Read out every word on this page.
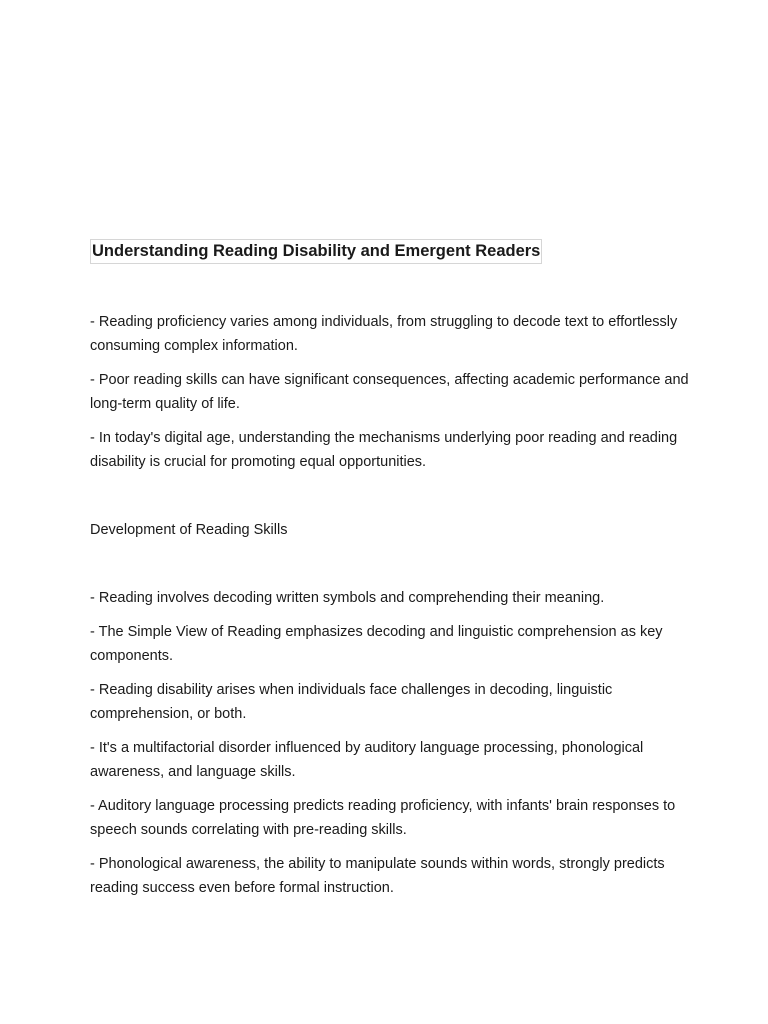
Understanding Reading Disability and Emergent Readers

- Reading proficiency varies among individuals, from struggling to decode text to effortlessly consuming complex information.

- Poor reading skills can have significant consequences, affecting academic performance and long-term quality of life.

- In today's digital age, understanding the mechanisms underlying poor reading and reading disability is crucial for promoting equal opportunities.

Development of Reading Skills

- Reading involves decoding written symbols and comprehending their meaning.

- The Simple View of Reading emphasizes decoding and linguistic comprehension as key components.

- Reading disability arises when individuals face challenges in decoding, linguistic comprehension, or both.

- It's a multifactorial disorder influenced by auditory language processing, phonological awareness, and language skills.

- Auditory language processing predicts reading proficiency, with infants' brain responses to speech sounds correlating with pre-reading skills.

- Phonological awareness, the ability to manipulate sounds within words, strongly predicts reading success even before formal instruction.
